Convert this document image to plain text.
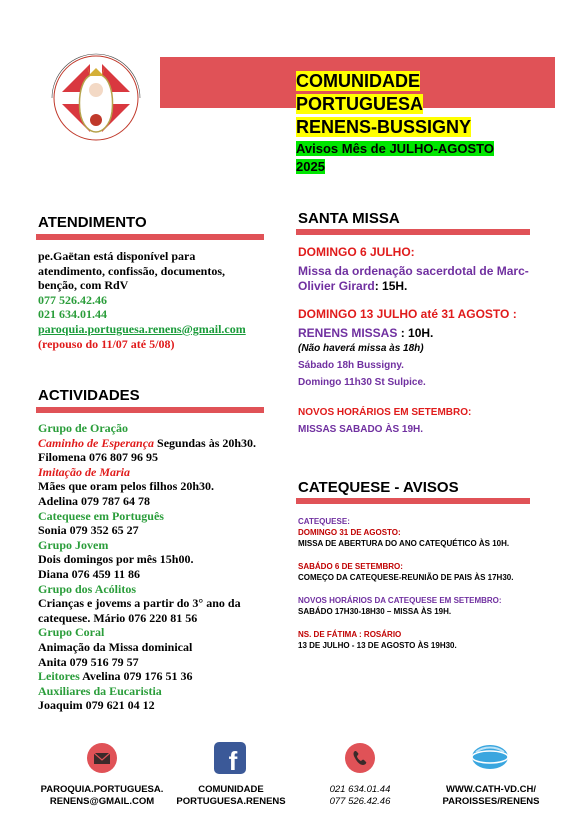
COMUNIDADE
PORTUGUESA
RENENS-BUSSIGNY
Avisos Mês de JULHO-AGOSTO
2025
ATENDIMENTO
pe.Gaëtan está disponível para
atendimento, confissão, documentos,
benção, com RdV
077 526.42.46
021 634.01.44
paroquia.portuguesa.renens@gmail.com
(repouso do 11/07 até 5/08)
ACTIVIDADES
Grupo de Oração
Caminho de Esperança Segundas às 20h30.
Filomena 076 807 96 95
Imitação de Maria
Mães que oram pelos filhos 20h30.
Adelina 079 787 64 78
Catequese em Português
Sonia 079 352 65 27
Grupo Jovem
Dois domingos por mês 15h00.
Diana 076 459 11 86
Grupo dos Acólitos
Crianças e jovems a partir do 3° ano da
catequese. Mário 076 220 81 56
Grupo Coral
Animação da Missa dominical
Anita 079 516 79 57
Leitores Avelina 079 176 51 36
Auxiliares da Eucaristia
Joaquim 079 621 04 12
SANTA MISSA
DOMINGO 6 JULHO:
Missa da ordenação sacerdotal de Marc-
Olivier Girard: 15H.
DOMINGO 13 JULHO até 31 AGOSTO :
RENENS MISSAS : 10H.
(Não haverá missa às 18h)
Sábado 18h Bussigny.
Domingo 11h30 St Sulpice.
NOVOS HORÁRIOS EM SETEMBRO:
MISSAS SABADO ÀS 19H.
CATEQUESE - AVISOS
CATEQUESE:
DOMINGO 31 DE AGOSTO:
MISSA DE ABERTURA DO ANO CATEQUÉTICO ÀS 10H.
SABÁDO 6 DE SETEMBRO:
COMEÇO DA CATEQUESE-REUNIÃO DE PAIS ÀS 17H30.
NOVOS HORÁRIOS DA CATEQUESE EM SETEMBRO:
SABÁDO 17H30-18H30 – MISSA ÀS 19H.
NS. DE FÁTIMA : ROSÁRIO
13 DE JULHO - 13 DE AGOSTO ÀS 19H30.
PAROQUIA.PORTUGUESA.
RENENS@GMAIL.COM
f
COMUNIDADE
PORTUGUESA.RENENS
021 634.01.44
077 526.42.46
WWW.CATH-VD.CH/
PAROISSES/RENENS
